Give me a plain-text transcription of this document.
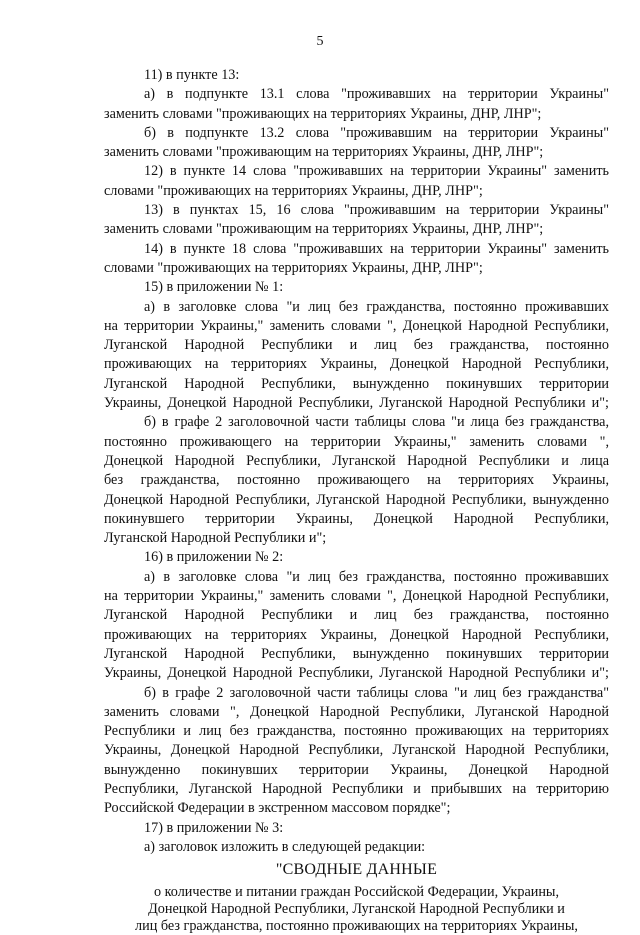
5
11) в пункте 13:
а) в подпункте 13.1 слова "проживавших на территории Украины"
заменить словами "проживающих на территориях Украины, ДНР, ЛНР";
б) в подпункте 13.2 слова "проживавшим на территории Украины"
заменить словами "проживающим на территориях Украины, ДНР, ЛНР";
12) в пункте 14 слова "проживавших на территории Украины" заменить
словами "проживающих на территориях Украины, ДНР, ЛНР";
13) в пунктах 15, 16 слова "проживавшим на территории Украины"
заменить словами "проживающим на территориях Украины, ДНР, ЛНР";
14) в пункте 18 слова "проживавших на территории Украины" заменить
словами "проживающих на территориях Украины, ДНР, ЛНР";
15) в приложении № 1:
а) в заголовке слова "и лиц без гражданства, постоянно проживавших
на территории Украины," заменить словами ", Донецкой Народной Республики,
Луганской Народной Республики и лиц без гражданства, постоянно
проживающих на территориях Украины, Донецкой Народной Республики,
Луганской Народной Республики, вынужденно покинувших территории
Украины, Донецкой Народной Республики, Луганской Народной Республики и";
б) в графе 2 заголовочной части таблицы слова "и лица без гражданства,
постоянно проживающего на территории Украины," заменить словами ",
Донецкой Народной Республики, Луганской Народной Республики и лица
без гражданства, постоянно проживающего на территориях Украины,
Донецкой Народной Республики, Луганской Народной Республики, вынужденно
покинувшего территории Украины, Донецкой Народной Республики,
Луганской Народной Республики и";
16) в приложении № 2:
а) в заголовке слова "и лиц без гражданства, постоянно проживавших
на территории Украины," заменить словами ", Донецкой Народной Республики,
Луганской Народной Республики и лиц без гражданства, постоянно
проживающих на территориях Украины, Донецкой Народной Республики,
Луганской Народной Республики, вынужденно покинувших территории
Украины, Донецкой Народной Республики, Луганской Народной Республики и";
б) в графе 2 заголовочной части таблицы слова "и лиц без гражданства"
заменить словами ", Донецкой Народной Республики, Луганской Народной
Республики и лиц без гражданства, постоянно проживающих на территориях
Украины, Донецкой Народной Республики, Луганской Народной Республики,
вынужденно покинувших территории Украины, Донецкой Народной
Республики, Луганской Народной Республики и прибывших на территорию
Российской Федерации в экстренном массовом порядке";
17) в приложении № 3:
а) заголовок изложить в следующей редакции:
"СВОДНЫЕ ДАННЫЕ
о количестве и питании граждан Российской Федерации, Украины,
Донецкой Народной Республики, Луганской Народной Республики и
лиц без гражданства, постоянно проживающих на территориях Украины,
